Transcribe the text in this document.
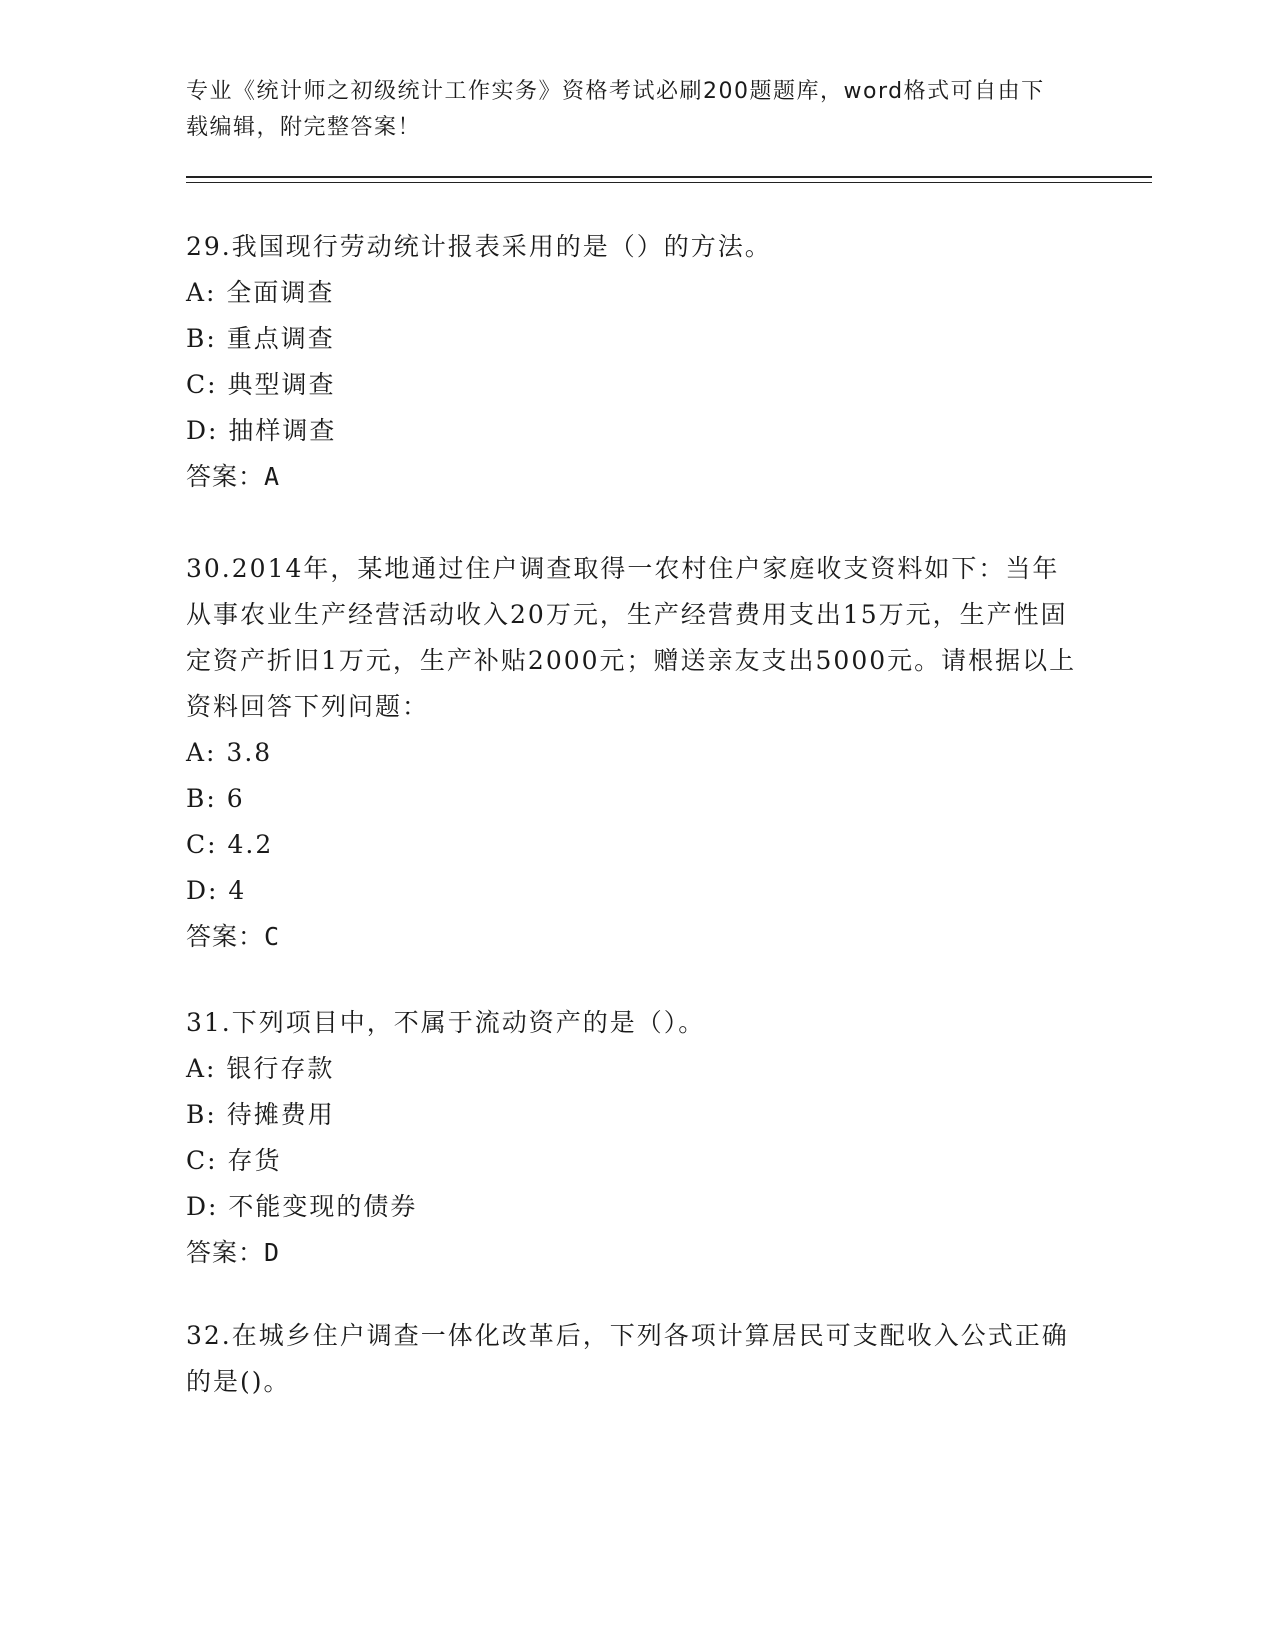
专业《统计师之初级统计工作实务》资格考试必刷200题题库，word格式可自由下载编辑，附完整答案！

29.我国现行劳动统计报表采用的是（）的方法。

A: 全面调查

B: 重点调查

C: 典型调查

D: 抽样调查

答案：A

30.2014年，某地通过住户调查取得一农村住户家庭收支资料如下：当年从事农业生产经营活动收入20万元，生产经营费用支出15万元，生产性固定资产折旧1万元，生产补贴2000元；赠送亲友支出5000元。请根据以上资料回答下列问题：

A: 3.8

B: 6

C: 4.2

D: 4

答案：C

31.下列项目中，不属于流动资产的是（）。

A: 银行存款

B: 待摊费用

C: 存货

D: 不能变现的债券

答案：D

32.在城乡住户调查一体化改革后，下列各项计算居民可支配收入公式正确的是()。
